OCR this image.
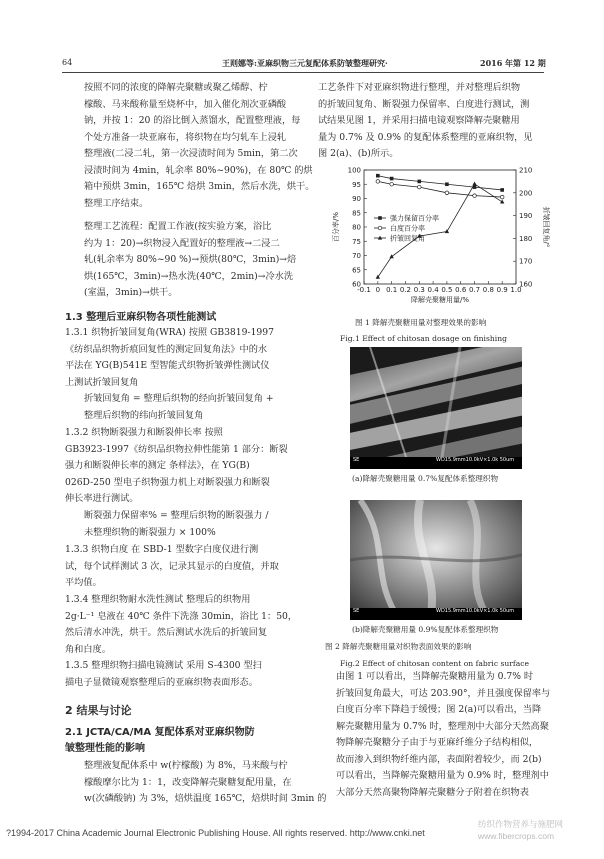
64	王则娜等:亚麻织物三元复配体系防皱整理研究·	2016 年第 12 期
按照不同的浓度的降解壳聚糖或聚乙烯醇、柠
檬酸、马来酸称量至烧杯中，加入催化剂次亚磷酸
钠，并按 1：20 的浴比倒入蒸馏水，配置整理液，每
个处方准备一块亚麻布，将织物在均匀轧车上浸轧
整理液(二浸二轧，第一次浸渍时间为 5min，第二次
浸渍时间为 4min，轧余率 80%~90%)，在 80℃ 的烘
箱中预烘 3min，165℃ 焙烘 3min，然后水洗，烘干。
整理工序结束。
整理工艺流程：配置工作液(按实验方案，浴比
约为 1：20)→织物浸入配置好的整理液→二浸二
轧(轧余率为 80%~90 %)→预烘(80℃，3min)→焙
烘(165℃，3min)→热水洗(40℃，2min)→冷水洗
(室温，3min)→烘干。
1.3 整理后亚麻织物各项性能测试
1.3.1 织物折皱回复角(WRA) 按照 GB3819-1997
《纺织品织物折痕回复性的测定回复角法》中的水
平法在 YG(B)541E 型智能式织物折皱弹性测试仪
上测试折皱回复角
折皱回复角 = 整理后织物的经向折皱回复角 +
整理后织物的纬向折皱回复角
1.3.2 织物断裂强力和断裂伸长率 按照
GB3923-1997《纺织品织物拉伸性能第 1 部分：断裂
强力和断裂伸长率的测定 条样法》，在 YG(B)
026D-250 型电子织物强力机上对断裂强力和断裂
伸长率进行测试。
断裂强力保留率% = 整理后织物的断裂强力 /
未整理织物的断裂强力 × 100%
1.3.3 织物白度 在 SBD-1 型数字白度仪进行测
试，每个试样测试 3 次，记录其显示的白度值，并取
平均值。
1.3.4 整理织物耐水洗性测试 整理后的织物用
2g·L⁻¹ 皂液在 40℃ 条件下洗涤 30min，浴比 1：50，
然后清水冲洗，烘干。然后测试水洗后的折皱回复
角和白度。
1.3.5 整理织物扫描电镜测试 采用 S-4300 型扫
描电子显微镜观察整理后的亚麻织物表面形态。
2 结果与讨论
2.1 JCTA/CA/MA 复配体系对亚麻织物防
皱整理性能的影响
整理液复配体系中 w(柠檬酸) 为 8%，马来酸与柠
檬酸摩尔比为 1：1，改变降解壳聚糖复配用量，在
w(次磷酸钠) 为 3%，焙烘温度 165℃，焙烘时间 3min 的
工艺条件下对亚麻织物进行整理，并对整理后织物
的折皱回复角、断裂强力保留率、白度进行测试，测
试结果见图 1，并采用扫描电镜观察降解壳聚糖用
量为 0.7% 及 0.9% 的复配体系整理的亚麻织物，见
图 2(a)、(b)所示。
-0.1 0 0.1 0.2 0.3 0.4 0.5 0.6 0.7 0.8 0.9 1.0
60
65
70
75
80
85
90
95
100
160
170
180
190
200
210
降解壳聚糖用量/%
百分率/%	折皱回复角/°
强力保留百分率
白度百分率
折皱回复角
图 1 降解壳聚糖用量对整理效果的影响
Fig.1 Effect of chitosan dosage on finishing
SE	WD15.9mm10.0kV×1.0k 50um
(a)降解壳聚糖用量 0.7%复配体系整理织物
SE	WD15.9mm10.0kV×1.0k 50um
(b)降解壳聚糖用量 0.9%复配体系整理织物
图 2 降解壳聚糖用量对织物表面效果的影响
Fig.2 Effect of chitosan content on fabric surface
由图 1 可以看出，当降解壳聚糖用量为 0.7% 时
折皱回复角最大，可达 203.90°，并且强度保留率与
白度百分率下降趋于缓慢；图 2(a)可以看出，当降
解壳聚糖用量为 0.7% 时，整理剂中大部分天然高聚
物降解壳聚糖分子由于与亚麻纤维分子结构相似，
故而渗入到织物纤维内部，表面附着较少，而 2(b)
可以看出，当降解壳聚糖用量为 0.9% 时，整理剂中
大部分天然高聚物降解壳聚糖分子附着在织物表
?1994-2017 China Academic Journal Electronic Publishing House. All rights reserved. http://www.cnki.net
纺织作物营养与施肥网 www.fibercrops.com
